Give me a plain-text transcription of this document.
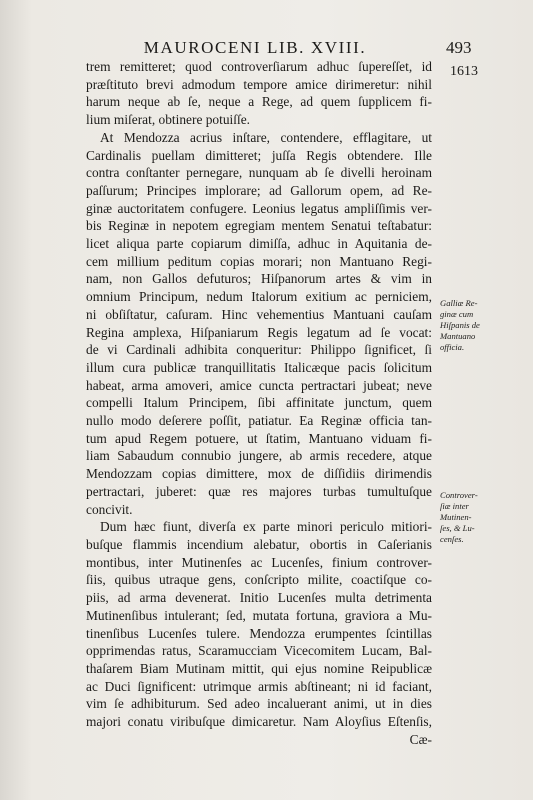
MAUROCENI LIB. XVIII.	493
1613
trem remitteret; quod controverſiarum adhuc ſupereſſet, id
præſtituto brevi admodum tempore amice dirimeretur: nihil
harum neque ab ſe, neque a Rege, ad quem ſupplicem fi-
lium miſerat, obtinere potuiſſe.
At Mendozza acrius inſtare, contendere, efflagitare, ut
Cardinalis puellam dimitteret; juſſa Regis obtendere. Ille
contra conſtanter pernegare, nunquam ab ſe divelli heroinam
paſſurum; Principes implorare; ad Gallorum opem, ad Re-
ginæ auctoritatem confugere. Leonius legatus ampliſſimis ver-
bis Reginæ in nepotem egregiam mentem Senatui teſtabatur:
licet aliqua parte copiarum dimiſſa, adhuc in Aquitania de-
cem millium peditum copias morari; non Mantuano Regi-
nam, non Gallos defuturos; Hiſpanorum artes & vim in
omnium Principum, nedum Italorum exitium ac perniciem,
ni obſiſtatur, caſuram. Hinc vehementius Mantuani cauſam
Regina amplexa, Hiſpaniarum Regis legatum ad ſe vocat:
de vi Cardinali adhibita conqueritur: Philippo ſignificet, ſi
illum cura publicæ tranquillitatis Italicæque pacis ſolicitum
habeat, arma amoveri, amice cuncta pertractari jubeat; neve
compelli Italum Principem, ſibi affinitate junctum, quem
nullo modo deſerere poſſit, patiatur. Ea Reginæ officia tan-
tum apud Regem potuere, ut ſtatim, Mantuano viduam fi-
liam Sabaudum connubio jungere, ab armis recedere, atque
Mendozzam copias dimittere, mox de diſſidiis dirimendis
pertractari, juberet: quæ res majores turbas tumultuſque
concivit.
Dum hæc fiunt, diverſa ex parte minori periculo mitiori-
buſque flammis incendium alebatur, obortis in Caſerianis
montibus, inter Mutinenſes ac Lucenſes, finium controver-
ſiis, quibus utraque gens, conſcripto milite, coactiſque co-
piis, ad arma devenerat. Initio Lucenſes multa detrimenta
Mutinenſibus intulerant; ſed, mutata fortuna, graviora a Mu-
tinenſibus Lucenſes tulere. Mendozza erumpentes ſcintillas
opprimendas ratus, Scaramucciam Vicecomitem Lucam, Bal-
thaſarem Biam Mutinam mittit, qui ejus nomine Reipublicæ
ac Duci ſignificent: utrimque armis abſtineant; ni id faciant,
vim ſe adhibiturum. Sed adeo incaluerant animi, ut in dies
majori conatu viribuſque dimicaretur. Nam Aloyſius Eſtenſis,
Cæ-
Galliæ Re-
ginæ cum
Hiſpanis de
Mantuano
officia.
Controver-
ſiæ inter
Mutinen-
ſes, & Lu-
cenſes.
